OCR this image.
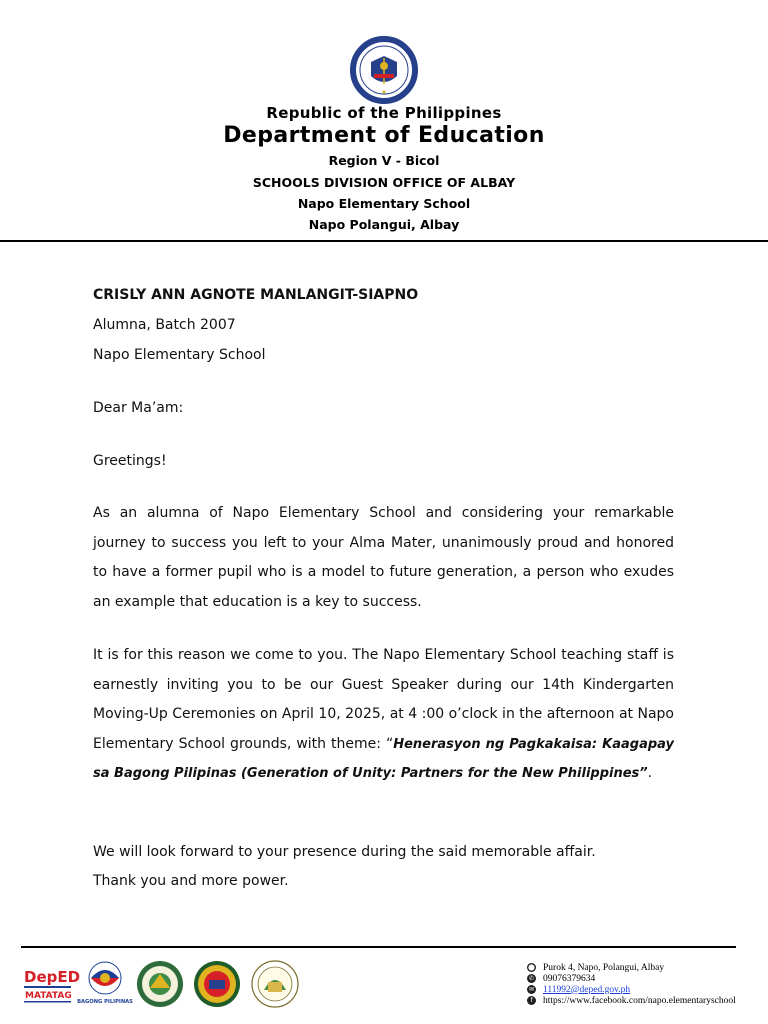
Republic of the Philippines
Department of Education
Region V - Bicol
SCHOOLS DIVISION OFFICE OF ALBAY
Napo Elementary School
Napo Polangui, Albay
CRISLY ANN AGNOTE MANLANGIT-SIAPNO
Alumna, Batch 2007
Napo Elementary School
Dear Ma’am:
Greetings!
As an alumna of Napo Elementary School and considering your remarkable journey to success you left to your Alma Mater, unanimously proud and honored to have a former pupil who is a model to future generation, a person who exudes an example that education is a key to success.
It is for this reason we come to you. The Napo Elementary School teaching staff is earnestly inviting you to be our Guest Speaker during our 14th Kindergarten Moving-Up Ceremonies on April 10, 2025, at 4 :00 o’clock in the afternoon at Napo Elementary School grounds, with theme: “Henerasyon ng Pagkakaisa: Kaagapay sa Bagong Pilipinas (Generation of Unity: Partners for the New Philippines”.
We will look forward to your presence during the said memorable affair.
Thank you and more power.
DepED
MATATAG
BAGONG PILIPINAS
⬤ Purok 4, Napo, Polangui, Albay
✆ 09076379634
✉ 111992@deped.gov.ph
f https://www.facebook.com/napo.elementaryschool
